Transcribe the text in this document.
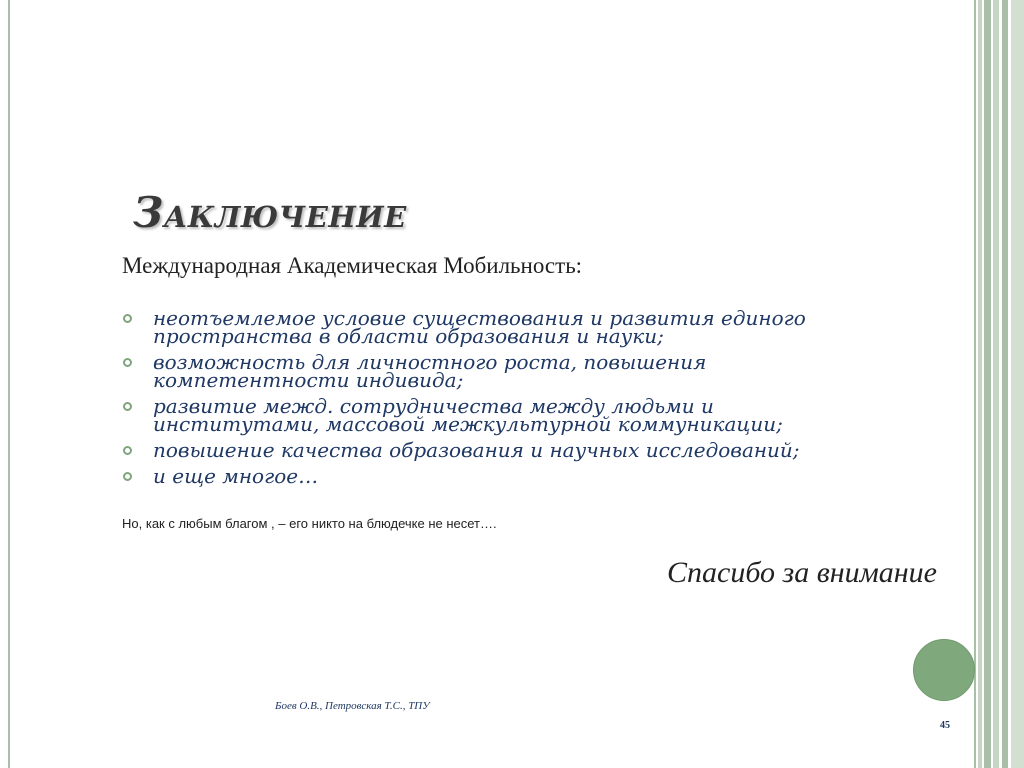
Заключение

Международная Академическая Мобильность:

неотъемлемое условие существования и развития единого
пространства в области образования и науки;
возможность для личностного роста, повышения
компетентности индивида;
развитие межд. сотрудничества между людьми и
институтами, массовой межкультурной коммуникации;
повышение качества образования и научных исследований;
и еще многое…

Но, как с любым благом , – его никто на блюдечке не несет….

Спасибо за внимание

Боев О.В., Петровская Т.С., ТПУ

45
